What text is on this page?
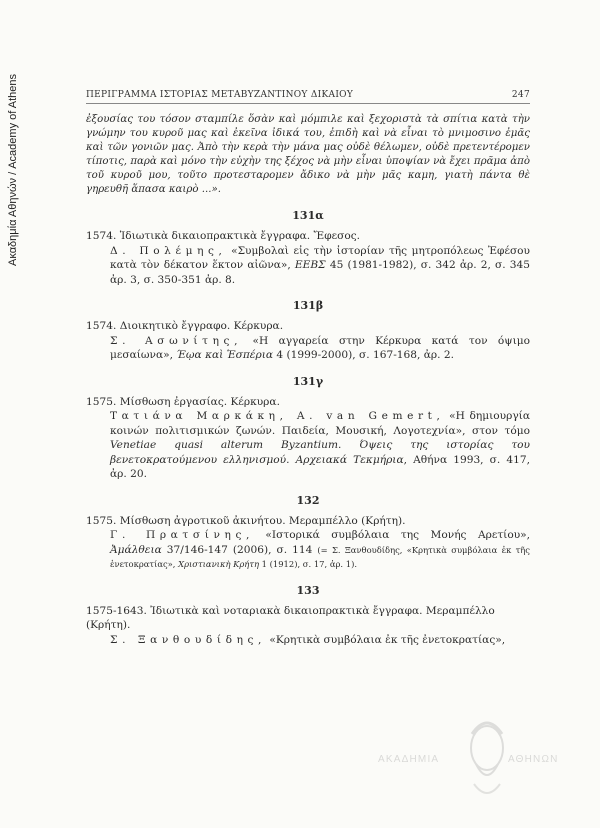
Ακαδημία Αθηνών / Academy of Athens	ΠΕΡΙΓΡΑΜΜΑ ΙΣΤΟΡΙΑΣ ΜΕΤΑΒΥΖΑΝΤΙΝΟΥ ΔΙΚΑΙΟΥ	247

ἐξουσίας του τόσον σταμπίλε ὅσὰν καὶ μόμπιλε καὶ ξεχοριστὰ τὰ σπίτια κατὰ τὴν γνώμην του κυροῦ μας καὶ ἐκεῖνα ἰδικά του, ἐπιδὴ καὶ νὰ εἶναι τὸ μνιμοσινο ἐμᾶς καὶ τῶν γονιῶν μας. Ἀπὸ τὴν κερὰ τὴν μάνα μας οὐδὲ θέλωμεν, οὐδὲ πρετεντέρομεν τίποτις, παρὰ καὶ μόνο τὴν εὐχὴν της ξέχος νὰ μὴν εἶναι ὑποψίαν νὰ ἔχει πρᾶμα ἀπὸ τοῦ κυροῦ μου, τοῦτο προτεσταρομεν ἄδικο νὰ μὴν μᾶς καμη, γιατὴ πάντα θὲ γηρευθῆ ἅπασα καιρὸ ...».

131α

1574. Ἰδιωτικὰ δικαιοπρακτικὰ ἔγγραφα. Ἔφεσος.

Δ. Πολέμης, «Συμβολαὶ εἰς τὴν ἱστορίαν τῆς μητροπόλεως Ἐφέσου κατὰ τὸν δέκατον ἕκτον αἰῶνα», ΕΕΒΣ 45 (1981-1982), σ. 342 ἀρ. 2, σ. 345 ἀρ. 3, σ. 350-351 ἀρ. 8.

131β

1574. Διοικητικὸ ἔγγραφο. Κέρκυρα.

Σ. Ασωνίτης, «Η αγγαρεία στην Κέρκυρα κατά τον όψιμο μεσαίωνα», Έῳα καὶ Ἑσπέρια 4 (1999-2000), σ. 167-168, ἀρ. 2.

131γ

1575. Μίσθωση ἐργασίας. Κέρκυρα.

Τατιάνα Μαρκάκη, A. van Gemert, «Η δημιουργία κοινών πολιτισμικών ζωνών. Παιδεία, Μουσική, Λογοτεχνία», στον τόμο Venetiae quasi alterum Byzantium. Όψεις της ιστορίας του βενετοκρατούμενου ελληνισμού. Αρχειακά Τεκμήρια, Αθήνα 1993, σ. 417, ἀρ. 20.

132

1575. Μίσθωση ἀγροτικοῦ ἀκινήτου. Μεραμπέλλο (Κρήτη).

Γ. Πρατσίνης, «Ιστορικά συμβόλαια της Μονής Αρετίου», Ἀμάλθεια 37/146-147 (2006), σ. 114 (= Σ. Ξανθουδίδης, «Κρητικὰ συμβόλαια ἐκ τῆς ἐνετοκρατίας», Χριστιανικὴ Κρήτη 1 (1912), σ. 17, ἀρ. 1).

133

1575-1643. Ἰδιωτικὰ καὶ νοταριακὰ δικαιοπρακτικὰ ἔγγραφα. Μεραμπέλλο (Κρήτη).

Σ. Ξανθουδίδης, «Κρητικὰ συμβόλαια ἐκ τῆς ἐνετοκρατίας»,

ΑΚΑΔΗΜΙΑ	ΑΘΗΝΩΝ
